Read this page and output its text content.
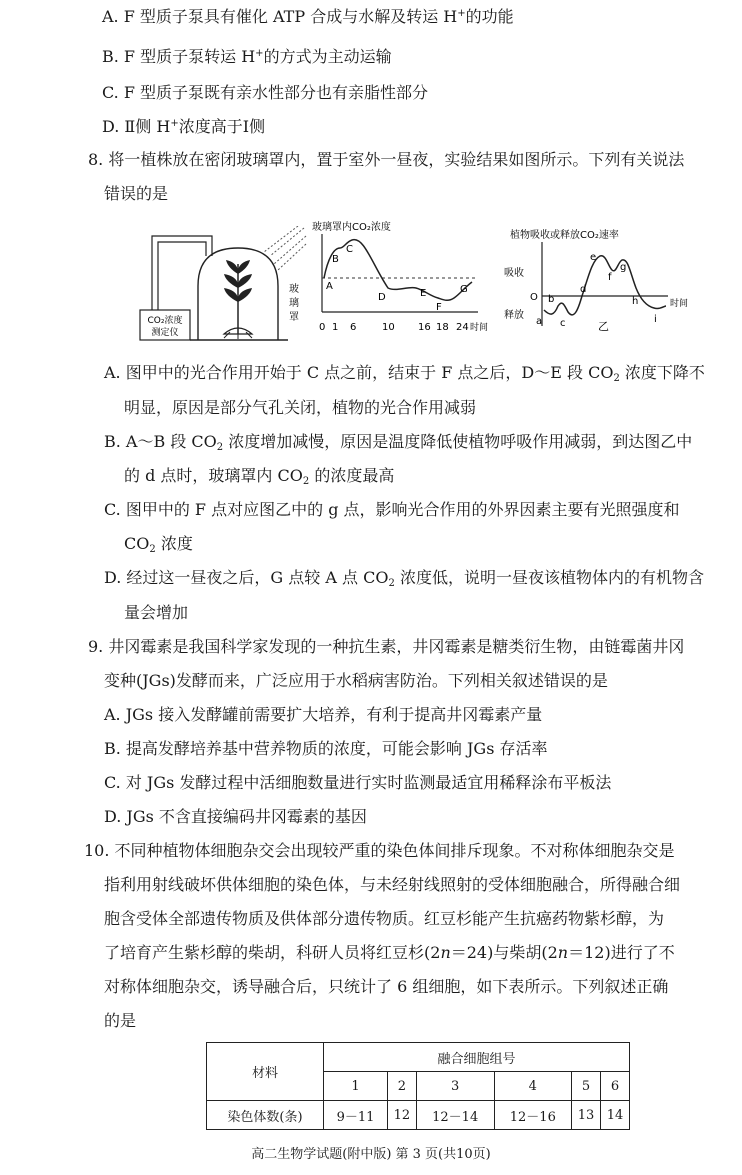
A. F 型质子泵具有催化 ATP 合成与水解及转运 H+的功能
B. F 型质子泵转运 H+的方式为主动运输
C. F 型质子泵既有亲水性部分也有亲脂性部分
D. Ⅱ侧 H+浓度高于Ⅰ侧
8. 将一植株放在密闭玻璃罩内，置于室外一昼夜，实验结果如图所示。下列有关说法
错误的是
CO₂浓度
测定仪
玻
璃
罩
玻璃罩内CO₂浓度
A
B
C
D	E
F
G
0 1 6	10 16 18 24 时间
植物吸收或释放CO₂速率
吸收
O
释放
a
b
c
d
e
f
g
h
i
时间
乙
A. 图甲中的光合作用开始于 C 点之前，结束于 F 点之后，D～E 段 $CO_2$ 浓度下降不
明显，原因是部分气孔关闭，植物的光合作用减弱
B. A～B 段 $CO_2$ 浓度增加减慢，原因是温度降低使植物呼吸作用减弱，到达图乙中
的 d 点时，玻璃罩内 $CO_2$ 的浓度最高
C. 图甲中的 F 点对应图乙中的 g 点，影响光合作用的外界因素主要有光照强度和
$CO_2$ 浓度
D. 经过这一昼夜之后，G 点较 A 点 $CO_2$ 浓度低，说明一昼夜该植物体内的有机物含
量会增加
9. 井冈霉素是我国科学家发现的一种抗生素，井冈霉素是糖类衍生物，由链霉菌井冈
变种(JGs)发酵而来，广泛应用于水稻病害防治。下列相关叙述错误的是
A. JGs 接入发酵罐前需要扩大培养，有利于提高井冈霉素产量
B. 提高发酵培养基中营养物质的浓度，可能会影响 JGs 存活率
C. 对 JGs 发酵过程中活细胞数量进行实时监测最适宜用稀释涂布平板法
D. JGs 不含直接编码井冈霉素的基因
10. 不同种植物体细胞杂交会出现较严重的染色体间排斥现象。不对称体细胞杂交是
指利用射线破坏供体细胞的染色体，与未经射线照射的受体细胞融合，所得融合细
胞含受体全部遗传物质及供体部分遗传物质。红豆杉能产生抗癌药物紫杉醇，为
了培育产生紫杉醇的柴胡，科研人员将红豆杉(2n＝24)与柴胡(2n＝12)进行了不
对称体细胞杂交，诱导融合后，只统计了 6 组细胞，如下表所示。下列叙述正确
的是
材料	融合细胞组号					
	1	2	3	4	5	6
染色体数(条)	9－11	12	12－14	12－16	13	14
高二生物学试题(附中版) 第 3 页(共10页)
